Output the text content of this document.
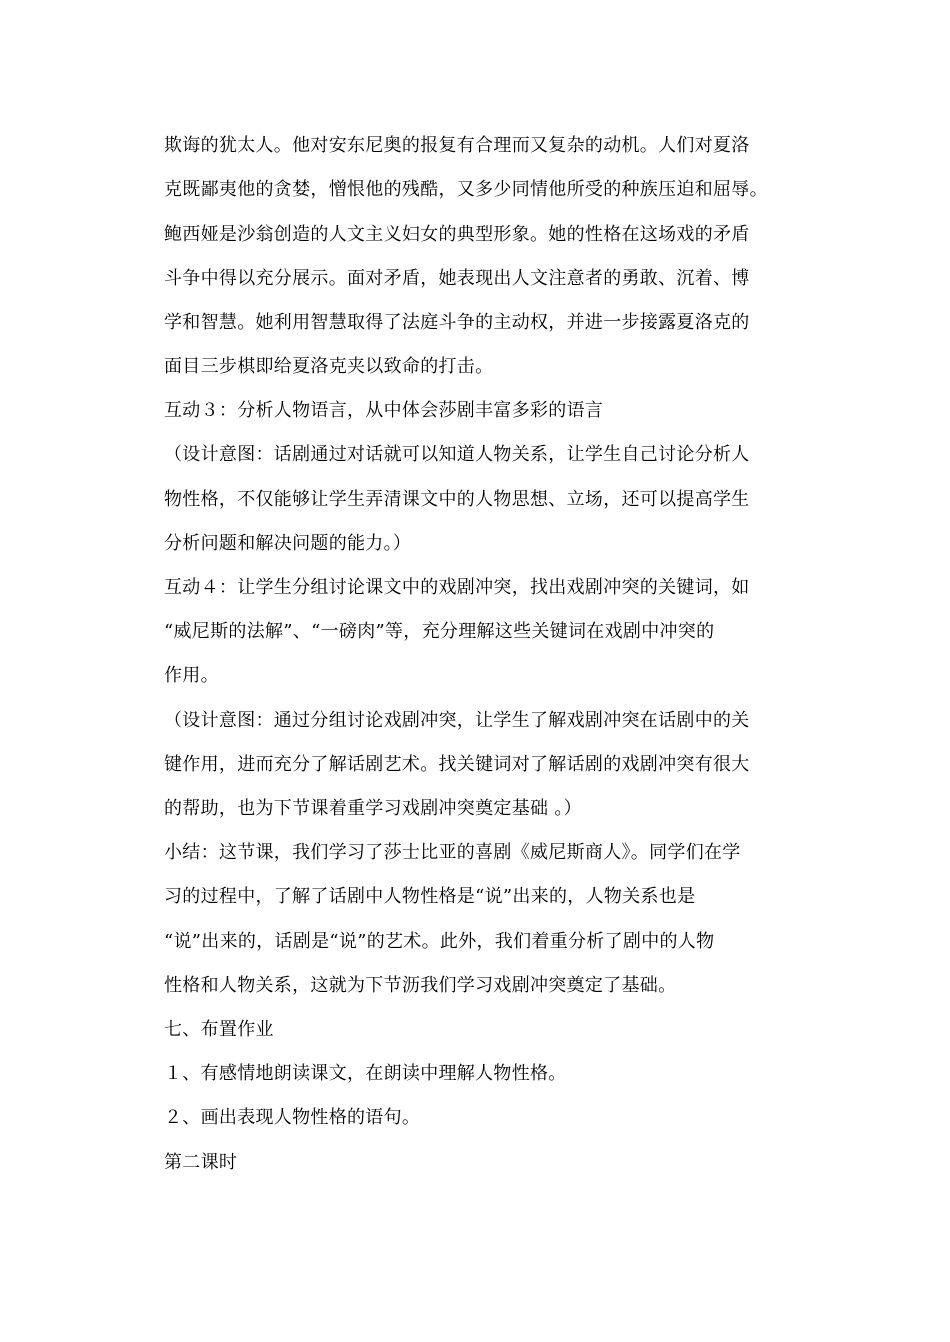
欺诲的犹太人。他对安东尼奥的报复有合理而又复杂的动机。人们对夏洛
克既鄙夷他的贪婪，憎恨他的残酷，又多少同情他所受的种族压迫和屈辱。
鲍西娅是沙翁创造的人文主义妇女的典型形象。她的性格在这场戏的矛盾
斗争中得以充分展示。面对矛盾，她表现出人文注意者的勇敢、沉着、博
学和智慧。她利用智慧取得了法庭斗争的主动权，并进一步接露夏洛克的
面目三步棋即给夏洛克夹以致命的打击。
互动３：分析人物语言，从中体会莎剧丰富多彩的语言
（设计意图：话剧通过对话就可以知道人物关系，让学生自己讨论分析人
物性格，不仅能够让学生弄清课文中的人物思想、立场，还可以提高学生
分析问题和解决问题的能力。）
互动４：让学生分组讨论课文中的戏剧冲突，找出戏剧冲突的关键词，如
“威尼斯的法解”、“一磅肉”等，充分理解这些关键词在戏剧中冲突的
作用。
（设计意图：通过分组讨论戏剧冲突，让学生了解戏剧冲突在话剧中的关
键作用，进而充分了解话剧艺术。找关键词对了解话剧的戏剧冲突有很大
的帮助，也为下节课着重学习戏剧冲突奠定基础 。）
小结：这节课，我们学习了莎士比亚的喜剧《威尼斯商人》。同学们在学
习的过程中，了解了话剧中人物性格是“说”出来的，人物关系也是
“说”出来的，话剧是“说”的艺术。此外，我们着重分析了剧中的人物
性格和人物关系，这就为下节沥我们学习戏剧冲突奠定了基础。
七、布置作业
１、有感情地朗读课文，在朗读中理解人物性格。
２、画出表现人物性格的语句。
第二课时
